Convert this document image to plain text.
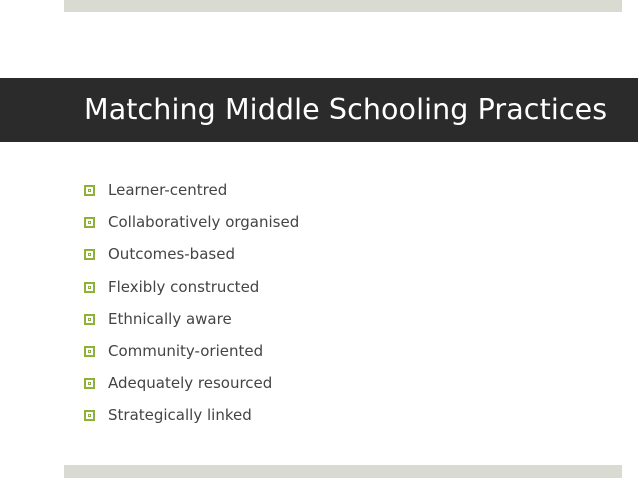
Matching Middle Schooling Practices
Learner-centred
Collaboratively organised
Outcomes-based
Flexibly constructed
Ethnically aware
Community-oriented
Adequately resourced
Strategically linked
